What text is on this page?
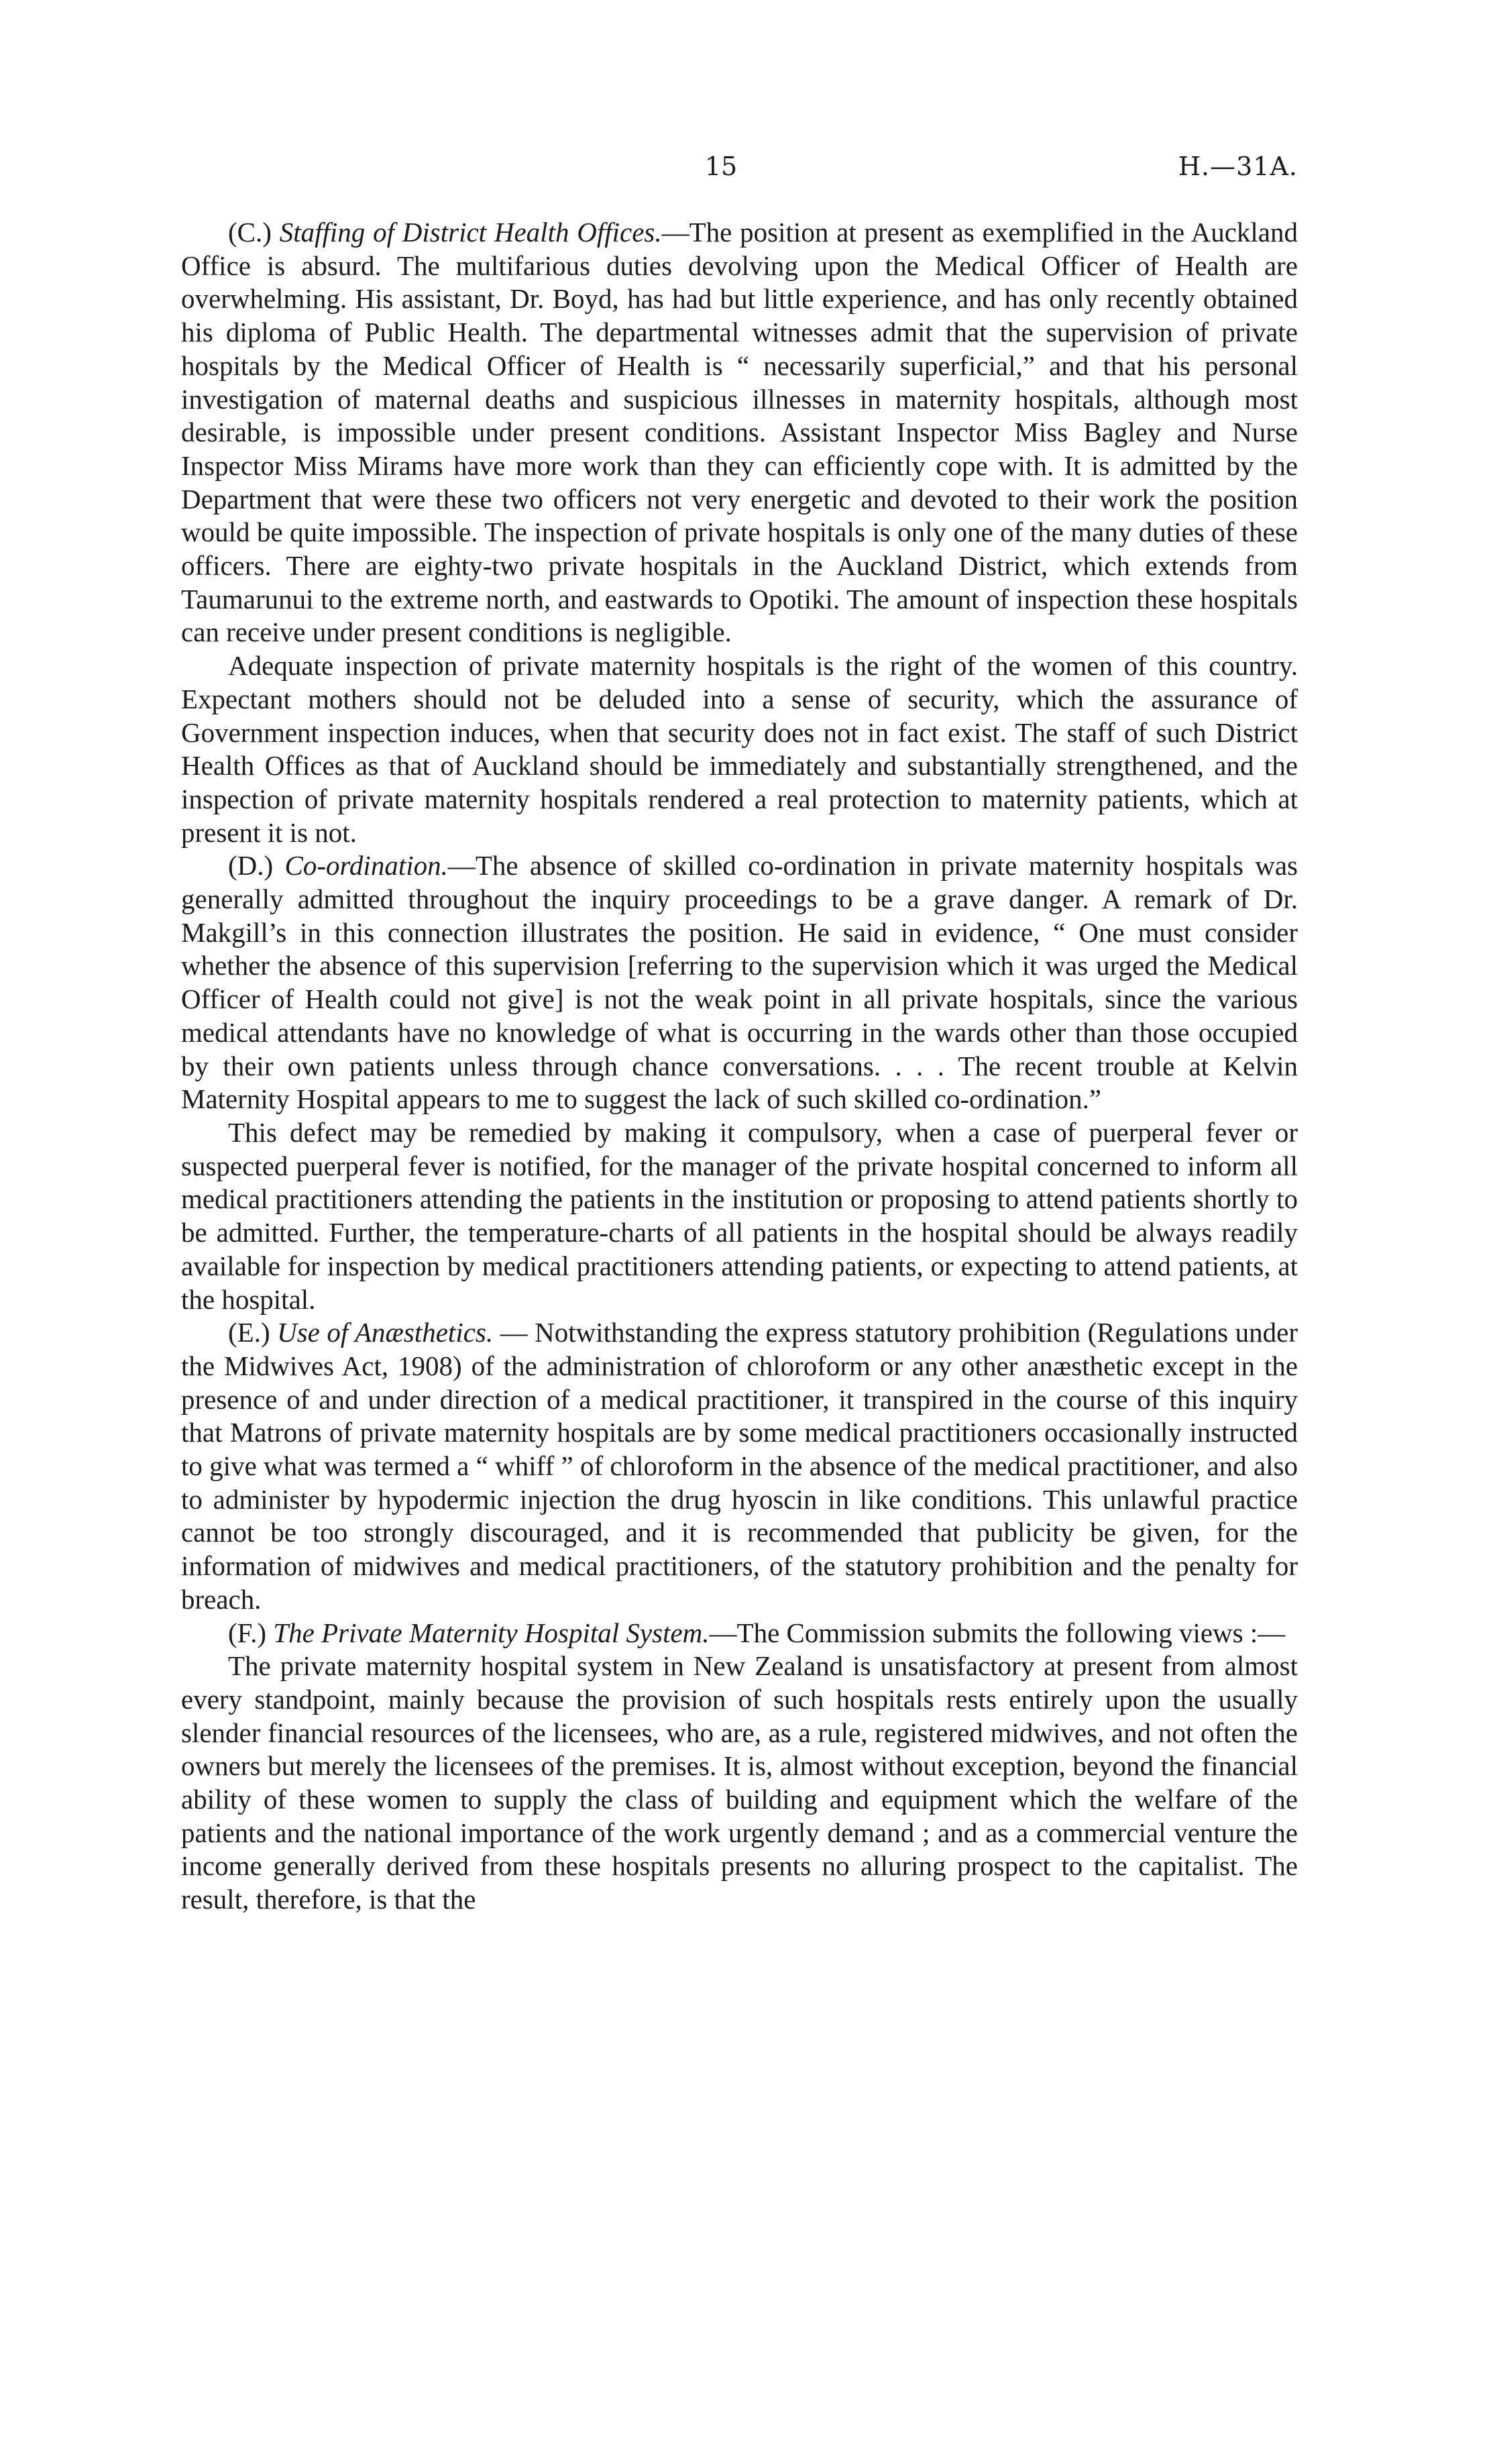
15	H.—31A.

(C.) Staffing of District Health Offices.—The position at present as exemplified in the Auckland Office is absurd. The multifarious duties devolving upon the Medical Officer of Health are overwhelming. His assistant, Dr. Boyd, has had but little experience, and has only recently obtained his diploma of Public Health. The departmental witnesses admit that the supervision of private hospitals by the Medical Officer of Health is “ necessarily superficial,” and that his personal investigation of maternal deaths and suspicious illnesses in maternity hospitals, although most desirable, is impossible under present conditions. Assistant Inspector Miss Bagley and Nurse Inspector Miss Mirams have more work than they can efficiently cope with. It is admitted by the Department that were these two officers not very energetic and devoted to their work the position would be quite impossible. The inspection of private hospitals is only one of the many duties of these officers. There are eighty-two private hospitals in the Auckland District, which extends from Taumarunui to the extreme north, and eastwards to Opotiki. The amount of inspection these hospitals can receive under present conditions is negligible.

Adequate inspection of private maternity hospitals is the right of the women of this country. Expectant mothers should not be deluded into a sense of security, which the assurance of Government inspection induces, when that security does not in fact exist. The staff of such District Health Offices as that of Auckland should be immediately and substantially strengthened, and the inspection of private maternity hospitals rendered a real protection to maternity patients, which at present it is not.

(D.) Co-ordination.—The absence of skilled co-ordination in private maternity hospitals was generally admitted throughout the inquiry proceedings to be a grave danger. A remark of Dr. Makgill’s in this connection illustrates the position. He said in evidence, “ One must consider whether the absence of this supervision [referring to the supervision which it was urged the Medical Officer of Health could not give] is not the weak point in all private hospitals, since the various medical attendants have no knowledge of what is occurring in the wards other than those occupied by their own patients unless through chance conversations. . . . The recent trouble at Kelvin Maternity Hospital appears to me to suggest the lack of such skilled co-ordination.”

This defect may be remedied by making it compulsory, when a case of puerperal fever or suspected puerperal fever is notified, for the manager of the private hospital concerned to inform all medical practitioners attending the patients in the institution or proposing to attend patients shortly to be admitted. Further, the temperature-charts of all patients in the hospital should be always readily available for inspection by medical practitioners attending patients, or expecting to attend patients, at the hospital.

(E.) Use of Anæsthetics. — Notwithstanding the express statutory prohibition (Regulations under the Midwives Act, 1908) of the administration of chloroform or any other anæsthetic except in the presence of and under direction of a medical practitioner, it transpired in the course of this inquiry that Matrons of private maternity hospitals are by some medical practitioners occasionally instructed to give what was termed a “ whiff ” of chloroform in the absence of the medical practitioner, and also to administer by hypodermic injection the drug hyoscin in like conditions. This unlawful practice cannot be too strongly discouraged, and it is recommended that publicity be given, for the information of midwives and medical practitioners, of the statutory prohibition and the penalty for breach.

(F.) The Private Maternity Hospital System.—The Commission submits the following views :—

The private maternity hospital system in New Zealand is unsatisfactory at present from almost every standpoint, mainly because the provision of such hospitals rests entirely upon the usually slender financial resources of the licensees, who are, as a rule, registered midwives, and not often the owners but merely the licensees of the premises. It is, almost without exception, beyond the financial ability of these women to supply the class of building and equipment which the welfare of the patients and the national importance of the work urgently demand ; and as a commercial venture the income generally derived from these hospitals presents no alluring prospect to the capitalist. The result, therefore, is that the
